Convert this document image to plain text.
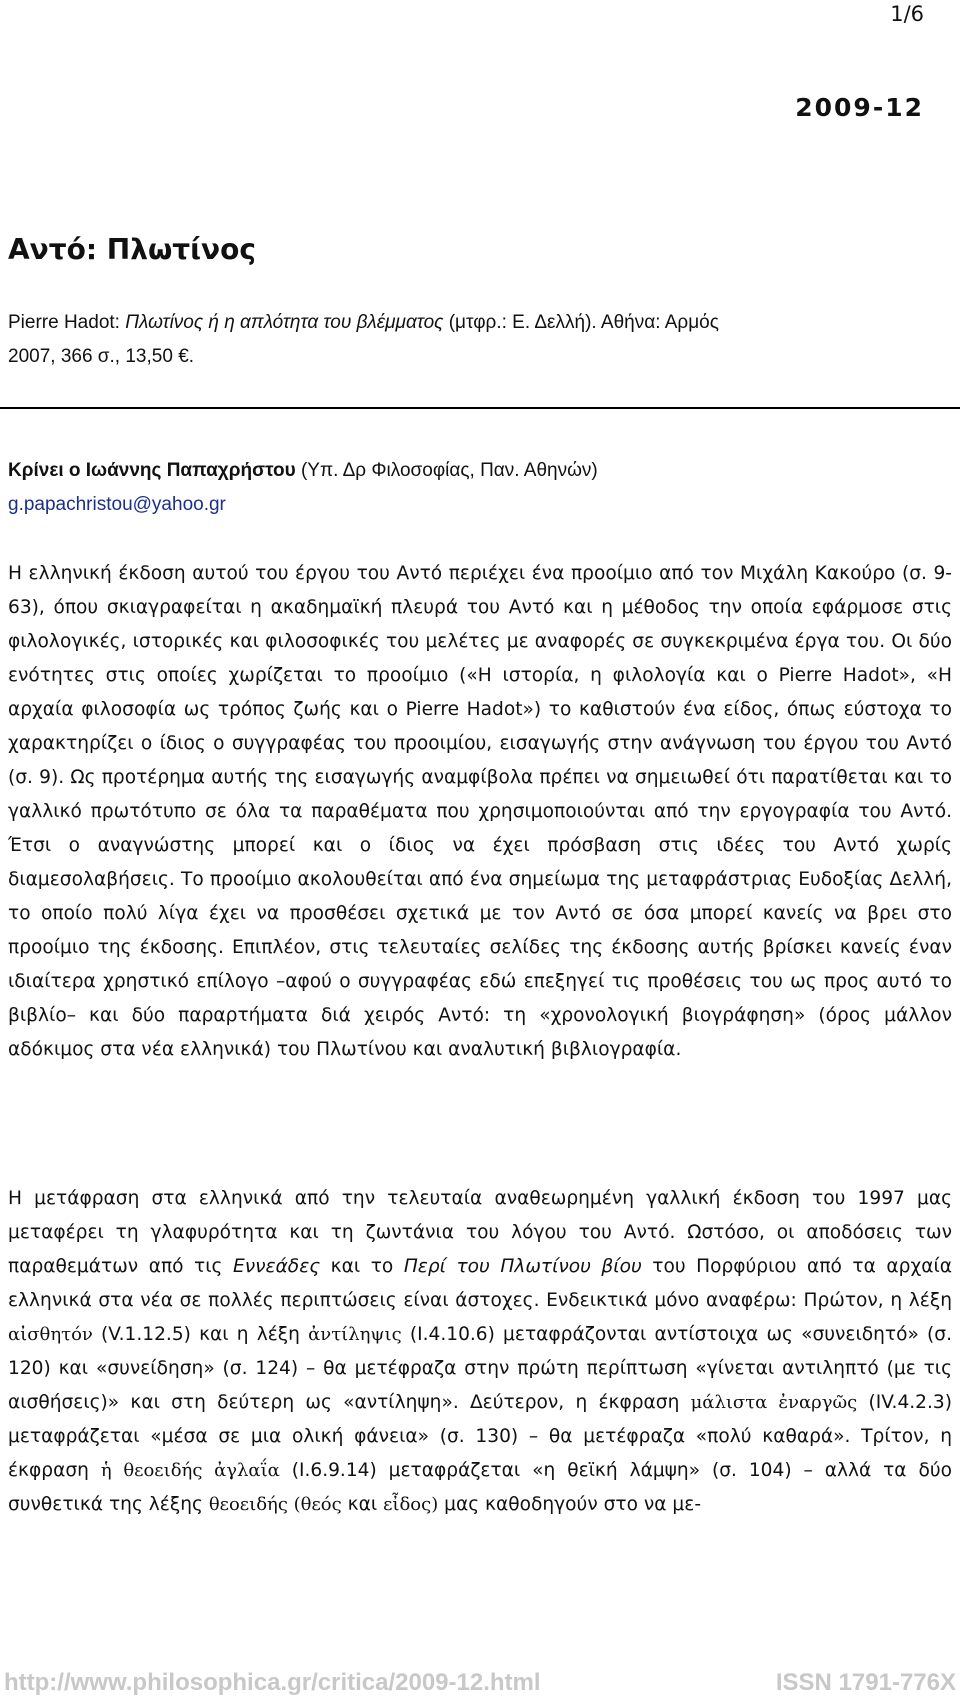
1/6
2009-12
Αντό: Πλωτίνος

Pierre Hadot: Πλωτίνος ή η απλότητα του βλέμματος (μτφρ.: Ε. Δελλή). Αθήνα: Αρμός
2007, 366 σ., 13,50 €.

Κρίνει ο Ιωάννης Παπαχρήστου (Υπ. Δρ Φιλοσοφίας, Παν. Αθηνών)
g.papachristou@yahoo.gr

Η ελληνική έκδοση αυτού του έργου του Αντό περιέχει ένα προοίμιο από τον Μιχάλη Κακούρο (σ. 9-63), όπου σκιαγραφείται η ακαδημαϊκή πλευρά του Αντό και η μέθοδος την οποία εφάρμοσε στις φιλολογικές, ιστορικές και φιλοσοφικές του μελέτες με αναφορές σε συγκεκριμένα έργα του. Οι δύο ενότητες στις οποίες χωρίζεται το προοίμιο («Η ιστορία, η φιλολογία και ο Pierre Hadot», «Η αρχαία φιλοσοφία ως τρόπος ζωής και ο Pierre Hadot») το καθιστούν ένα είδος, όπως εύστοχα το χαρακτηρίζει ο ίδιος ο συγγραφέας του προοιμίου, εισαγωγής στην ανάγνωση του έργου του Αντό (σ. 9). Ως προτέρημα αυτής της εισαγωγής αναμφίβολα πρέπει να σημειωθεί ότι παρατίθεται και το γαλλικό πρωτότυπο σε όλα τα παραθέματα που χρησιμοποιούνται από την εργογραφία του Αντό. Έτσι ο αναγνώστης μπορεί και ο ίδιος να έχει πρόσβαση στις ιδέες του Αντό χωρίς διαμεσολαβήσεις. Το προοίμιο ακολουθείται από ένα σημείωμα της μεταφράστριας Ευδοξίας Δελλή, το οποίο πολύ λίγα έχει να προσθέσει σχετικά με τον Αντό σε όσα μπορεί κανείς να βρει στο προοίμιο της έκδοσης. Επιπλέον, στις τελευταίες σελίδες της έκδοσης αυτής βρίσκει κανείς έναν ιδιαίτερα χρηστικό επίλογο –αφού ο συγγραφέας εδώ επεξηγεί τις προθέσεις του ως προς αυτό το βιβλίο– και δύο παραρτήματα διά χειρός Αντό: τη «χρονολογική βιογράφηση» (όρος μάλλον αδόκιμος στα νέα ελληνικά) του Πλωτίνου και αναλυτική βιβλιογραφία.

Η μετάφραση στα ελληνικά από την τελευταία αναθεωρημένη γαλλική έκδοση του 1997 μας μεταφέρει τη γλαφυρότητα και τη ζωντάνια του λόγου του Αντό. Ωστόσο, οι αποδόσεις των παραθεμάτων από τις Εννεάδες και το Περί του Πλωτίνου βίου του Πορφύριου από τα αρχαία ελληνικά στα νέα σε πολλές περιπτώσεις είναι άστοχες. Ενδεικτικά μόνο αναφέρω: Πρώτον, η λέξη αἰσθητόν (V.1.12.5) και η λέξη ἀντίληψις (I.4.10.6) μεταφράζονται αντίστοιχα ως «συνειδητό» (σ. 120) και «συνείδηση» (σ. 124) – θα μετέφραζα στην πρώτη περίπτωση «γίνεται αντιληπτό (με τις αισθήσεις)» και στη δεύτερη ως «αντίληψη». Δεύτερον, η έκφραση μάλιστα ἐναργῶς (IV.4.2.3) μεταφράζεται «μέσα σε μια ολική φάνεια» (σ. 130) – θα μετέφραζα «πολύ καθαρά». Τρίτον, η έκφραση ἡ θεοειδής ἀγλαΐα (I.6.9.14) μεταφράζεται «η θεϊκή λάμψη» (σ. 104) – αλλά τα δύο συνθετικά της λέξης θεοειδής (θεός και εἶδος) μας καθοδηγούν στο να με-

http://www.philosophica.gr/critica/2009-12.html	ISSN 1791-776X
